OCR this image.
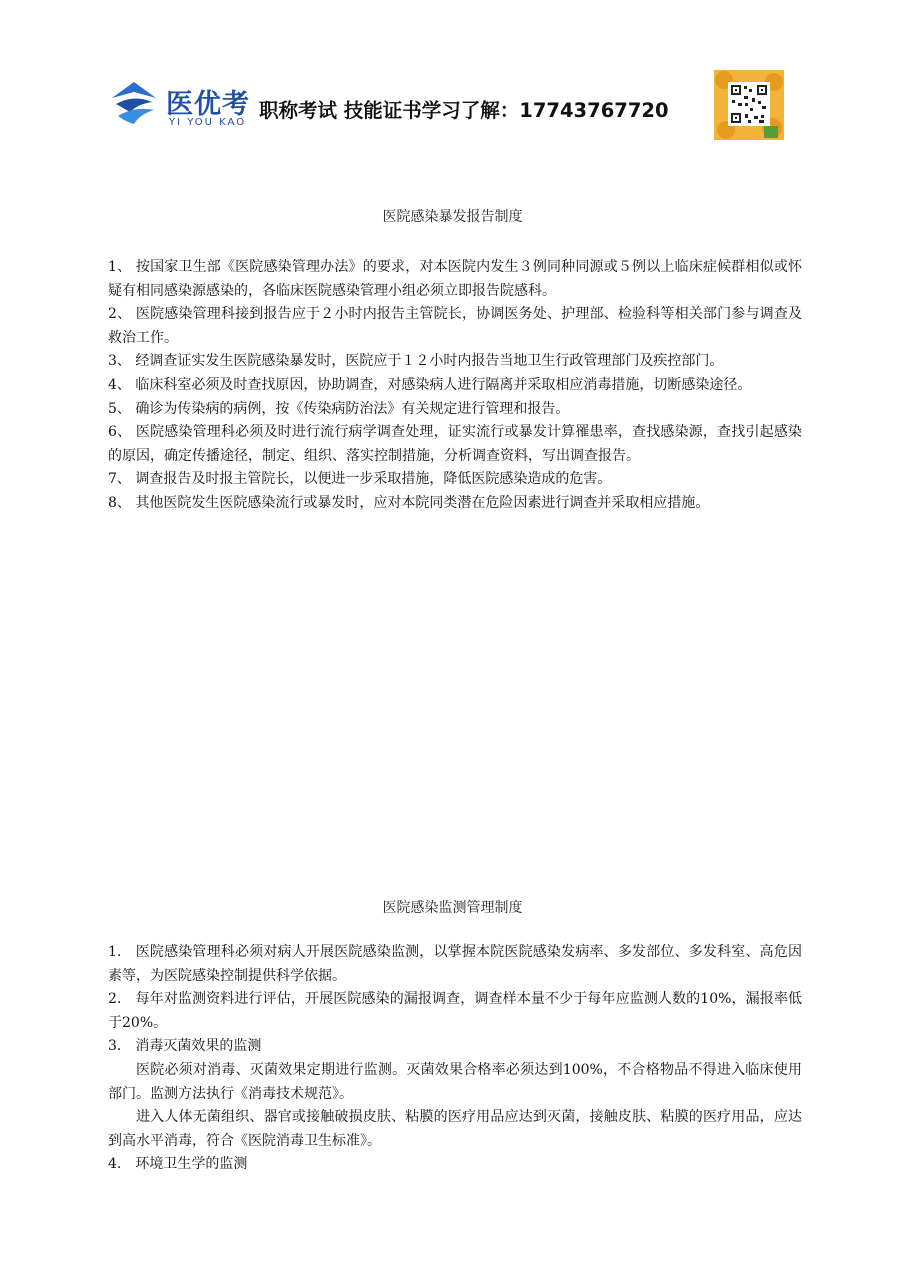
医优考
YI YOU KAO
职称考试 技能证书学习了解：17743767720
医院感染暴发报告制度

1、 按国家卫生部《医院感染管理办法》的要求，对本医院内发生３例同种同源或５例以上临床症候群相似或怀疑有相同感染源感染的，各临床医院感染管理小组必须立即报告院感科。

2、 医院感染管理科接到报告应于２小时内报告主管院长，协调医务处、护理部、检验科等相关部门参与调查及救治工作。

3、 经调查证实发生医院感染暴发时，医院应于１２小时内报告当地卫生行政管理部门及疾控部门。

4、 临床科室必须及时查找原因，协助调查，对感染病人进行隔离并采取相应消毒措施，切断感染途径。

5、 确诊为传染病的病例，按《传染病防治法》有关规定进行管理和报告。

6、 医院感染管理科必须及时进行流行病学调查处理，证实流行或暴发计算罹患率，查找感染源，查找引起感染的原因，确定传播途径，制定、组织、落实控制措施，分析调查资料，写出调查报告。

7、 调查报告及时报主管院长，以便进一步采取措施，降低医院感染造成的危害。

8、 其他医院发生医院感染流行或暴发时，应对本院同类潜在危险因素进行调查并采取相应措施。

医院感染监测管理制度

1.　医院感染管理科必须对病人开展医院感染监测，以掌握本院医院感染发病率、多发部位、多发科室、高危因素等，为医院感染控制提供科学依据。

2.　每年对监测资料进行评估，开展医院感染的漏报调查，调查样本量不少于每年应监测人数的10%，漏报率低于20%。

3.　消毒灭菌效果的监测

医院必须对消毒、灭菌效果定期进行监测。灭菌效果合格率必须达到100%，不合格物品不得进入临床使用部门。监测方法执行《消毒技术规范》。

进入人体无菌组织、器官或接触破损皮肤、粘膜的医疗用品应达到灭菌，接触皮肤、粘膜的医疗用品，应达到高水平消毒，符合《医院消毒卫生标准》。

4.　环境卫生学的监测
